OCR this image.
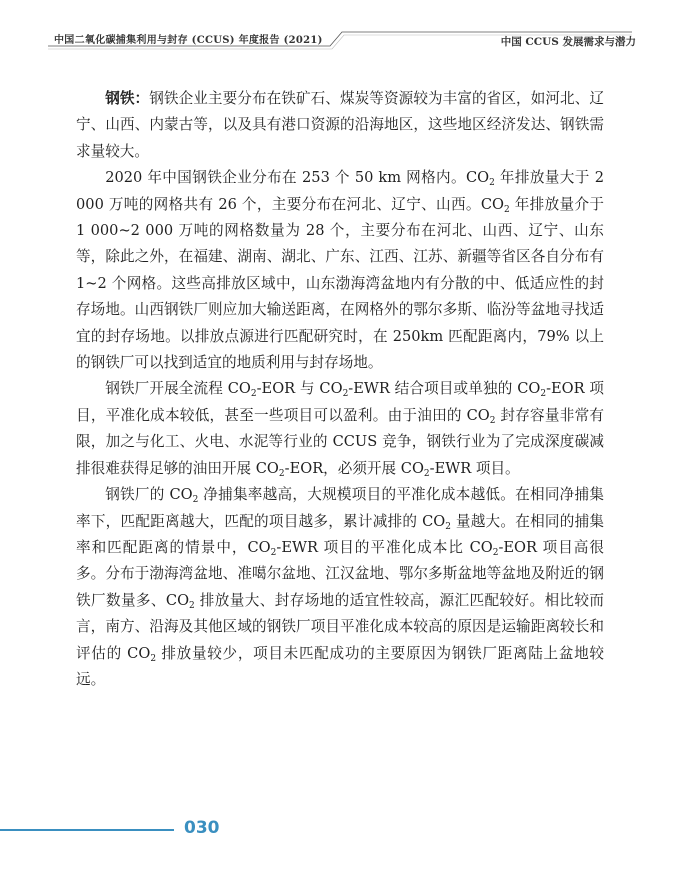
中国二氧化碳捕集利用与封存 (CCUS) 年度报告 (2021)	中国 CCUS 发展需求与潜力

钢铁：钢铁企业主要分布在铁矿石、煤炭等资源较为丰富的省区，如河北、辽宁、山西、内蒙古等，以及具有港口资源的沿海地区，这些地区经济发达、钢铁需求量较大。

2020 年中国钢铁企业分布在 253 个 50 km 网格内。$CO_2$ 年排放量大于 2 000 万吨的网格共有 26 个，主要分布在河北、辽宁、山西。$CO_2$ 年排放量介于 1 000~2 000 万吨的网格数量为 28 个，主要分布在河北、山西、辽宁、山东等，除此之外，在福建、湖南、湖北、广东、江西、江苏、新疆等省区各自分布有 1~2 个网格。这些高排放区域中，山东渤海湾盆地内有分散的中、低适应性的封存场地。山西钢铁厂则应加大输送距离，在网格外的鄂尔多斯、临汾等盆地寻找适宜的封存场地。以排放点源进行匹配研究时，在 250km 匹配距离内，79% 以上的钢铁厂可以找到适宜的地质利用与封存场地。

钢铁厂开展全流程 $CO_2$-EOR 与 $CO_2$-EWR 结合项目或单独的 $CO_2$-EOR 项目，平准化成本较低，甚至一些项目可以盈利。由于油田的 $CO_2$ 封存容量非常有限，加之与化工、火电、水泥等行业的 CCUS 竞争，钢铁行业为了完成深度碳减排很难获得足够的油田开展 $CO_2$-EOR，必须开展 $CO_2$-EWR 项目。

钢铁厂的 $CO_2$ 净捕集率越高，大规模项目的平准化成本越低。在相同净捕集率下，匹配距离越大，匹配的项目越多，累计减排的 $CO_2$ 量越大。在相同的捕集率和匹配距离的情景中，$CO_2$-EWR 项目的平准化成本比 $CO_2$-EOR 项目高很多。分布于渤海湾盆地、准噶尔盆地、江汉盆地、鄂尔多斯盆地等盆地及附近的钢铁厂数量多、$CO_2$ 排放量大、封存场地的适宜性较高，源汇匹配较好。相比较而言，南方、沿海及其他区域的钢铁厂项目平准化成本较高的原因是运输距离较长和评估的 $CO_2$ 排放量较少，项目未匹配成功的主要原因为钢铁厂距离陆上盆地较远。

030
